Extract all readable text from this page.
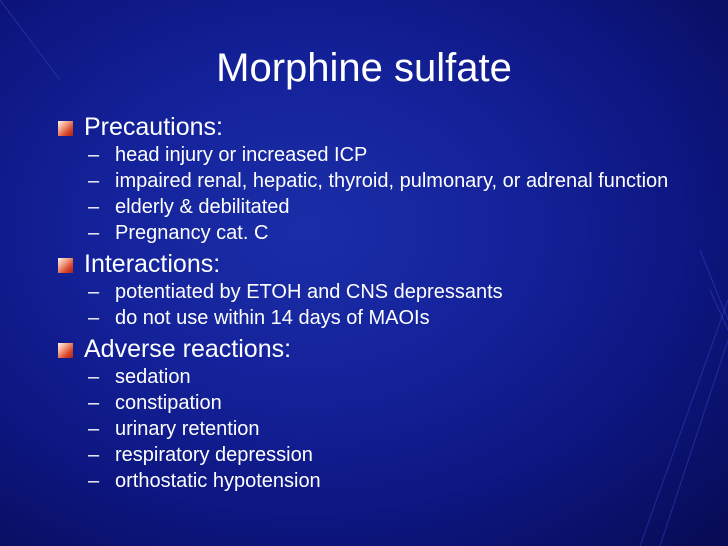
Morphine sulfate
Precautions:
– head injury or increased ICP
– impaired renal, hepatic, thyroid, pulmonary, or adrenal function
– elderly & debilitated
– Pregnancy cat. C
Interactions:
– potentiated by ETOH and CNS depressants
– do not use within 14 days of MAOIs
Adverse reactions:
– sedation
– constipation
– urinary retention
– respiratory depression
– orthostatic hypotension
